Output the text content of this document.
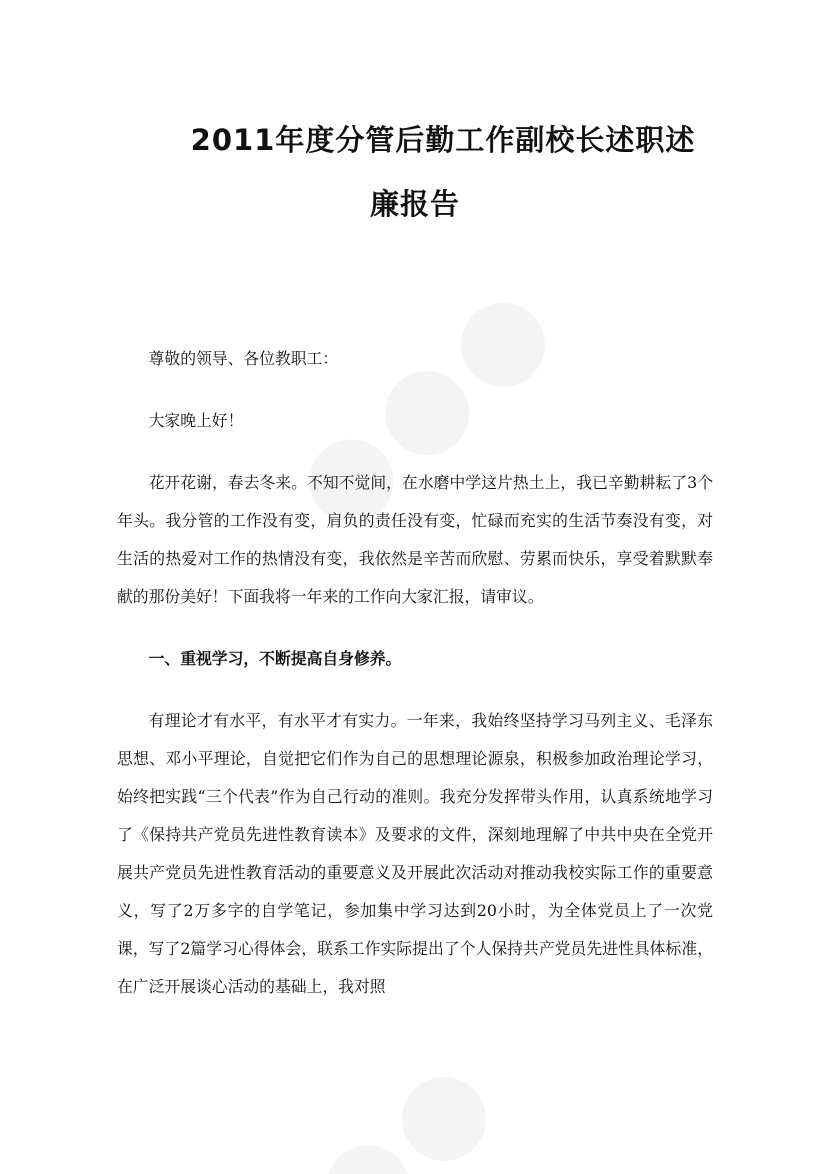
2011年度分管后勤工作副校长述职述
廉报告

尊敬的领导、各位教职工：

大家晚上好！

花开花谢，春去冬来。不知不觉间，在水磨中学这片热土上，我已辛勤耕耘了3个年头。我分管的工作没有变，肩负的责任没有变，忙碌而充实的生活节奏没有变，对生活的热爱对工作的热情没有变，我依然是辛苦而欣慰、劳累而快乐，享受着默默奉献的那份美好！下面我将一年来的工作向大家汇报，请审议。

一、重视学习，不断提高自身修养。

有理论才有水平，有水平才有实力。一年来，我始终坚持学习马列主义、毛泽东思想、邓小平理论，自觉把它们作为自己的思想理论源泉，积极参加政治理论学习，始终把实践“三个代表”作为自己行动的准则。我充分发挥带头作用，认真系统地学习了《保持共产党员先进性教育读本》及要求的文件，深刻地理解了中共中央在全党开展共产党员先进性教育活动的重要意义及开展此次活动对推动我校实际工作的重要意义，写了2万多字的自学笔记，参加集中学习达到20小时，为全体党员上了一次党课，写了2篇学习心得体会，联系工作实际提出了个人保持共产党员先进性具体标准，在广泛开展谈心活动的基础上，我对照
